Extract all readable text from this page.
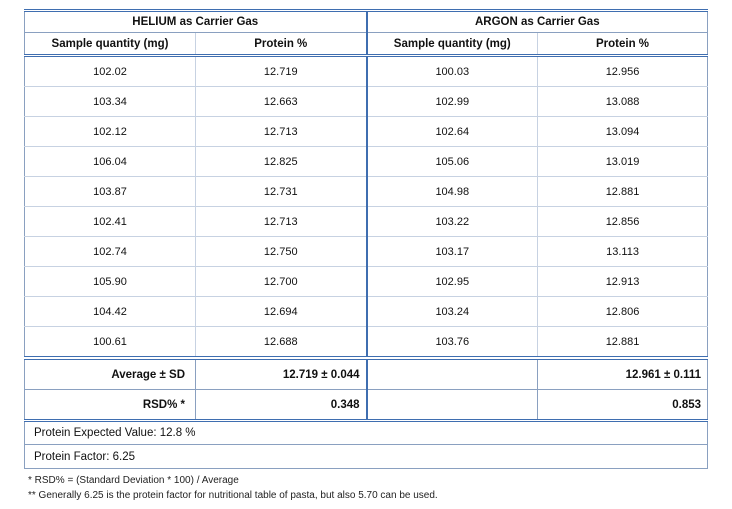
HELIUM as Carrier Gas		ARGON as Carrier Gas	
Sample quantity (mg)	Protein %	Sample quantity (mg)	Protein %
102.02	12.719	100.03	12.956
103.34	12.663	102.99	13.088
102.12	12.713	102.64	13.094
106.04	12.825	105.06	13.019
103.87	12.731	104.98	12.881
102.41	12.713	103.22	12.856
102.74	12.750	103.17	13.113
105.90	12.700	102.95	12.913
104.42	12.694	103.24	12.806
100.61	12.688	103.76	12.881
Average ± SD	12.719 ± 0.044		12.961 ± 0.111
RSD% *	0.348		0.853
Protein Expected Value: 12.8 %			
Protein Factor: 6.25			
* RSD% = (Standard Deviation * 100) / Average
** Generally 6.25 is the protein factor for nutritional table of pasta, but also 5.70 can be used.
